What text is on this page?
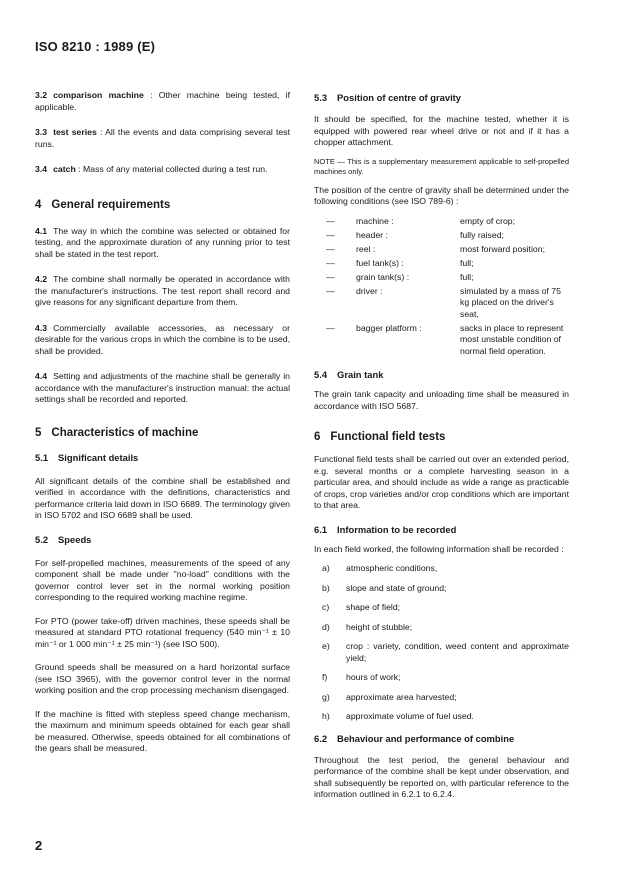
ISO 8210 : 1989 (E)

3.2 comparison machine : Other machine being tested, if applicable.

3.3 test series : All the events and data comprising several test runs.

3.4 catch : Mass of any material collected during a test run.

4 General requirements

4.1 The way in which the combine was selected or obtained for testing, and the approximate duration of any running prior to test shall be stated in the test report.

4.2 The combine shall normally be operated in accordance with the manufacturer's instructions. The test report shall record and give reasons for any significant departure from them.

4.3 Commercially available accessories, as necessary or desirable for the various crops in which the combine is to be used, shall be provided.

4.4 Setting and adjustments of the machine shall be generally in accordance with the manufacturer's instruction manual: the actual settings shall be recorded and reported.

5 Characteristics of machine
5.1 Significant details

All significant details of the combine shall be established and verified in accordance with the definitions, characteristics and performance criteria laid down in ISO 6689. The terminology given in ISO 5702 and ISO 6689 shall be used.

5.2 Speeds

For self-propelled machines, measurements of the speed of any component shall be made under "no-load" conditions with the governor control lever set in the normal working position corresponding to the required working machine regime.

For PTO (power take-off) driven machines, these speeds shall be measured at standard PTO rotational frequency (540 min⁻¹ ± 10 min⁻¹ or 1 000 min⁻¹ ± 25 min⁻¹) (see ISO 500).

Ground speeds shall be measured on a hard horizontal surface (see ISO 3965), with the governor control lever in the normal working position and the crop processing mechanism disengaged.

If the machine is fitted with stepless speed change mechanism, the maximum and minimum speeds obtained for each gear shall be measured. Otherwise, speeds obtained for all combinations of the gears shall be measured.

5.3 Position of centre of gravity

It should be specified, for the machine tested, whether it is equipped with powered rear wheel drive or not and if it has a chopper attachment.

NOTE — This is a supplementary measurement applicable to self-propelled machines only.

The position of the centre of gravity shall be determined under the following conditions (see ISO 789-6) :

—	machine :	empty of crop;
—	header :	fully raised;
—	reel :	most forward position;
—	fuel tank(s) :	full;
—	grain tank(s) :	full;
—	driver :	simulated by a mass of 75 kg placed on the driver's seat,
—	bagger platform :	sacks in place to represent most unstable condition of normal field operation.
5.4 Grain tank

The grain tank capacity and unloading time shall be measured in accordance with ISO 5687.

6 Functional field tests

Functional field tests shall be carried out over an extended period, e.g. several months or a complete harvesting season in a particular area, and should include as wide a range as practicable of crops, crop varieties and/or crop conditions which are important to that area.

6.1 Information to be recorded

In each field worked, the following information shall be recorded :

a)	atmospheric conditions,
b)	slope and state of ground;
c)	shape of field;
d)	height of stubble;
e)	crop : variety, condition, weed content and approximate yield;
f)	hours of work;
g)	approximate area harvested;
h)	approximate volume of fuel used.
6.2 Behaviour and performance of combine

Throughout the test period, the general behaviour and performance of the combine shall be kept under observation, and shall subsequently be reported on, with particular reference to the information outlined in 6.2.1 to 6.2.4.

2
